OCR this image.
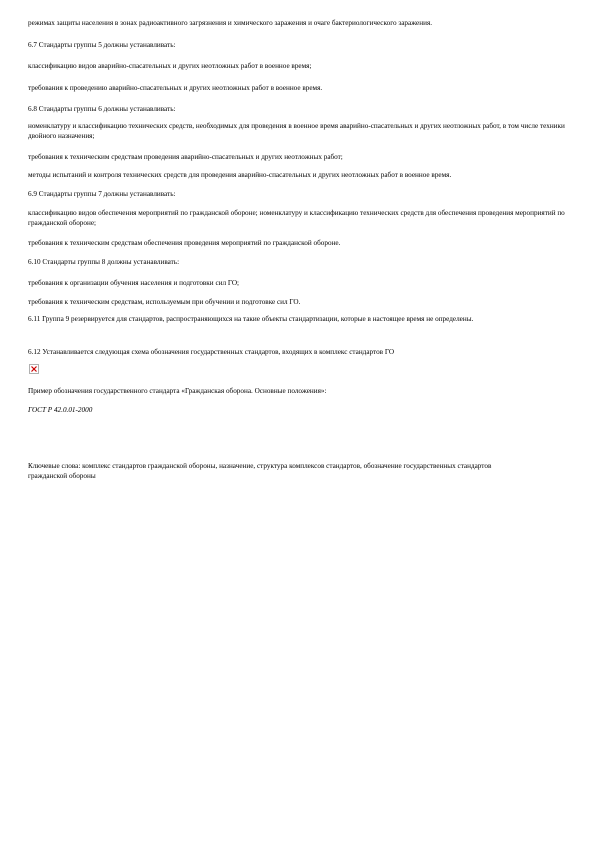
режимах защиты населения в зонах радиоактивного загрязнения и химического заражения и очаге бактериологического заражения.
6.7 Стандарты группы 5 должны устанавливать:
классификацию видов аварийно-спасательных и других неотложных работ в военное время;
требования к проведению аварийно-спасательных и других неотложных работ в военное время.
6.8 Стандарты группы 6 должны устанавливать:
номенклатуру и классификацию технических средств, необходимых для проведения в военное время аварийно-спасательных и других неотложных работ, в том числе техники двойного назначения;
требования к техническим средствам проведения аварийно-спасательных и других неотложных работ;
методы испытаний и контроля технических средств для проведения аварийно-спасательных и других неотложных работ в военное время.
6.9 Стандарты группы 7 должны устанавливать:
классификацию видов обеспечения мероприятий по гражданской обороне; номенклатуру и классификацию технических средств для обеспечения проведения мероприятий по гражданской обороне;
требования к техническим средствам обеспечения проведения мероприятий по гражданской обороне.
6.10 Стандарты группы 8 должны устанавливать:
требования к организации обучения населения и подготовки сил ГО;
требования к техническим средствам, используемым при обучении и подготовке сил ГО.
6.11 Группа 9 резервируется для стандартов, распространяющихся на такие объекты стандартизации, которые в настоящее время не определены.
6.12 Устанавливается следующая схема обозначения государственных стандартов, входящих в комплекс стандартов ГО
Пример обозначения государственного стандарта «Гражданская оборона. Основные положения»:
ГОСТ Р 42.0.01-2000
Ключевые слова: комплекс стандартов гражданской обороны, назначение, структура комплексов стандартов, обозначение государственных стандартов гражданской обороны
